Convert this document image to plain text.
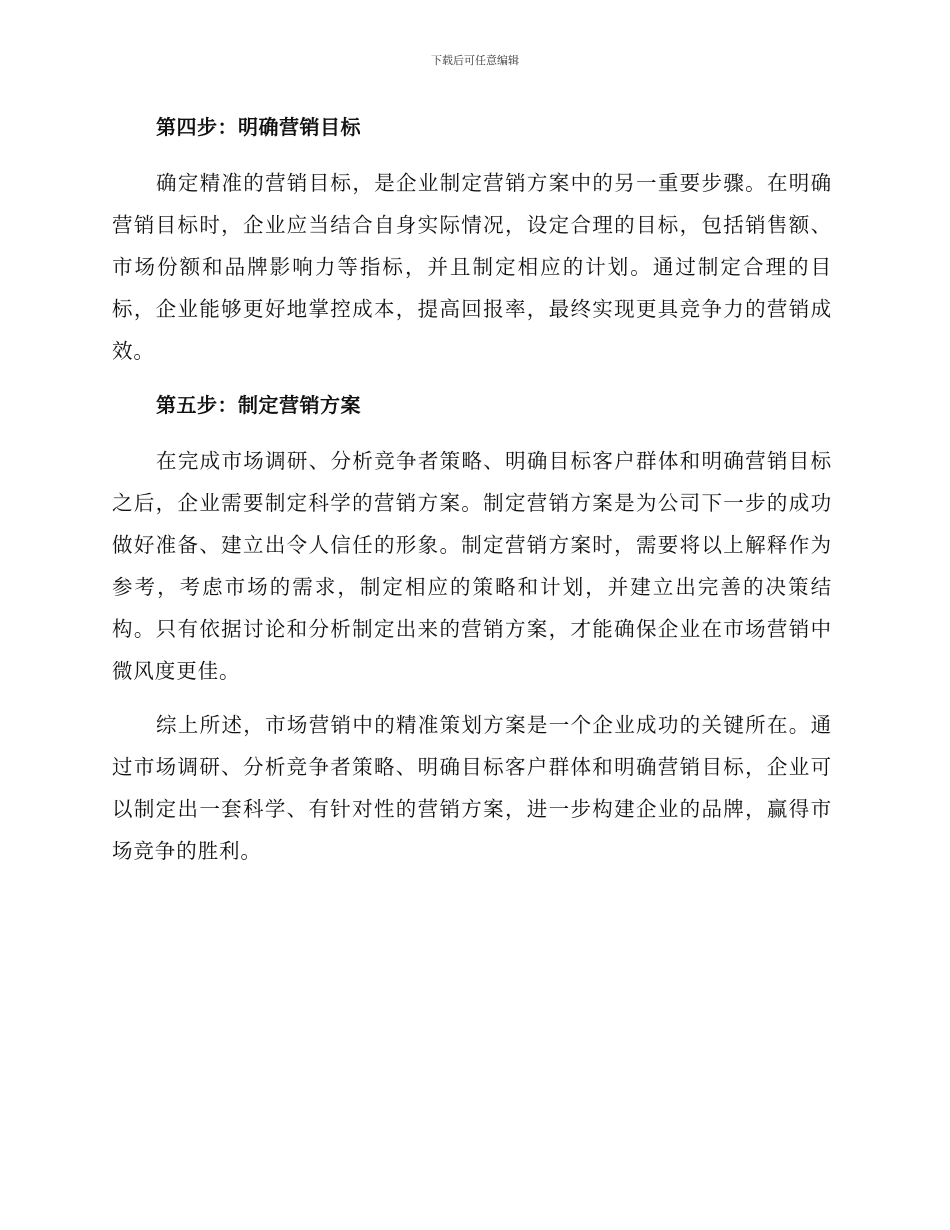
下载后可任意编辑
第四步：明确营销目标

确定精准的营销目标，是企业制定营销方案中的另一重要步骤。在明确营销目标时，企业应当结合自身实际情况，设定合理的目标，包括销售额、市场份额和品牌影响力等指标，并且制定相应的计划。通过制定合理的目标，企业能够更好地掌控成本，提高回报率，最终实现更具竞争力的营销成效。

第五步：制定营销方案

在完成市场调研、分析竞争者策略、明确目标客户群体和明确营销目标之后，企业需要制定科学的营销方案。制定营销方案是为公司下一步的成功做好准备、建立出令人信任的形象。制定营销方案时，需要将以上解释作为参考，考虑市场的需求，制定相应的策略和计划，并建立出完善的决策结构。只有依据讨论和分析制定出来的营销方案，才能确保企业在市场营销中微风度更佳。

综上所述，市场营销中的精准策划方案是一个企业成功的关键所在。通过市场调研、分析竞争者策略、明确目标客户群体和明确营销目标，企业可以制定出一套科学、有针对性的营销方案，进一步构建企业的品牌，赢得市场竞争的胜利。
